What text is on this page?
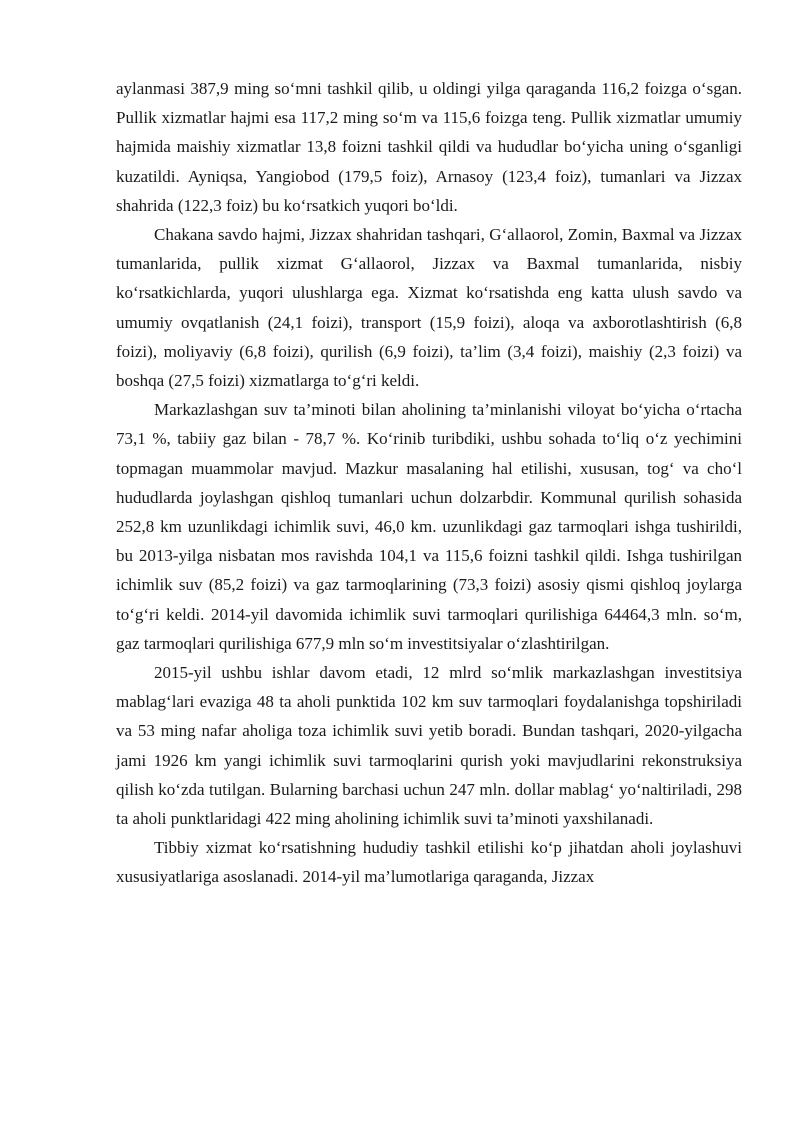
aylanmasi 387,9 ming so‘mni tashkil qilib, u oldingi yilga qaraganda 116,2 foizga o‘sgan. Pullik xizmatlar hajmi esa 117,2 ming so‘m va 115,6 foizga teng. Pullik xizmatlar umumiy hajmida maishiy xizmatlar 13,8 foizni tashkil qildi va hududlar bo‘yicha uning o‘sganligi kuzatildi. Ayniqsa, Yangiobod (179,5 foiz), Arnasoy (123,4 foiz), tumanlari va Jizzax shahrida (122,3 foiz) bu ko‘rsatkich yuqori bo‘ldi.

Chakana savdo hajmi, Jizzax shahridan tashqari, G‘allaorol, Zomin, Baxmal va Jizzax tumanlarida, pullik xizmat G‘allaorol, Jizzax va Baxmal tumanlarida, nisbiy ko‘rsatkichlarda, yuqori ulushlarga ega. Xizmat ko‘rsatishda eng katta ulush savdo va umumiy ovqatlanish (24,1 foizi), transport (15,9 foizi), aloqa va axborotlashtirish (6,8 foizi), moliyaviy (6,8 foizi), qurilish (6,9 foizi), ta’lim (3,4 foizi), maishiy (2,3 foizi) va boshqa (27,5 foizi) xizmatlarga to‘g‘ri keldi.

Markazlashgan suv ta’minoti bilan aholining ta’minlanishi viloyat bo‘yicha o‘rtacha 73,1 %, tabiiy gaz bilan - 78,7 %. Ko‘rinib turibdiki, ushbu sohada to‘liq o‘z yechimini topmagan muammolar mavjud. Mazkur masalaning hal etilishi, xususan, tog‘ va cho‘l hududlarda joylashgan qishloq tumanlari uchun dolzarbdir. Kommunal qurilish sohasida 252,8 km uzunlikdagi ichimlik suvi, 46,0 km. uzunlikdagi gaz tarmoqlari ishga tushirildi, bu 2013-yilga nisbatan mos ravishda 104,1 va 115,6 foizni tashkil qildi. Ishga tushirilgan ichimlik suv (85,2 foizi) va gaz tarmoqlarining (73,3 foizi) asosiy qismi qishloq joylarga to‘g‘ri keldi. 2014-yil davomida ichimlik suvi tarmoqlari qurilishiga 64464,3 mln. so‘m, gaz tarmoqlari qurilishiga 677,9 mln so‘m investitsiyalar o‘zlashtirilgan.

2015-yil ushbu ishlar davom etadi, 12 mlrd so‘mlik markazlashgan investitsiya mablag‘lari evaziga 48 ta aholi punktida 102 km suv tarmoqlari foydalanishga topshiriladi va 53 ming nafar aholiga toza ichimlik suvi yetib boradi. Bundan tashqari, 2020-yilgacha jami 1926 km yangi ichimlik suvi tarmoqlarini qurish yoki mavjudlarini rekonstruksiya qilish ko‘zda tutilgan. Bularning barchasi uchun 247 mln. dollar mablag‘ yo‘naltiriladi, 298 ta aholi punktlaridagi 422 ming aholining ichimlik suvi ta’minoti yaxshilanadi.

Tibbiy xizmat ko‘rsatishning hududiy tashkil etilishi ko‘p jihatdan aholi joylashuvi xususiyatlariga asoslanadi. 2014-yil ma’lumotlariga qaraganda, Jizzax
